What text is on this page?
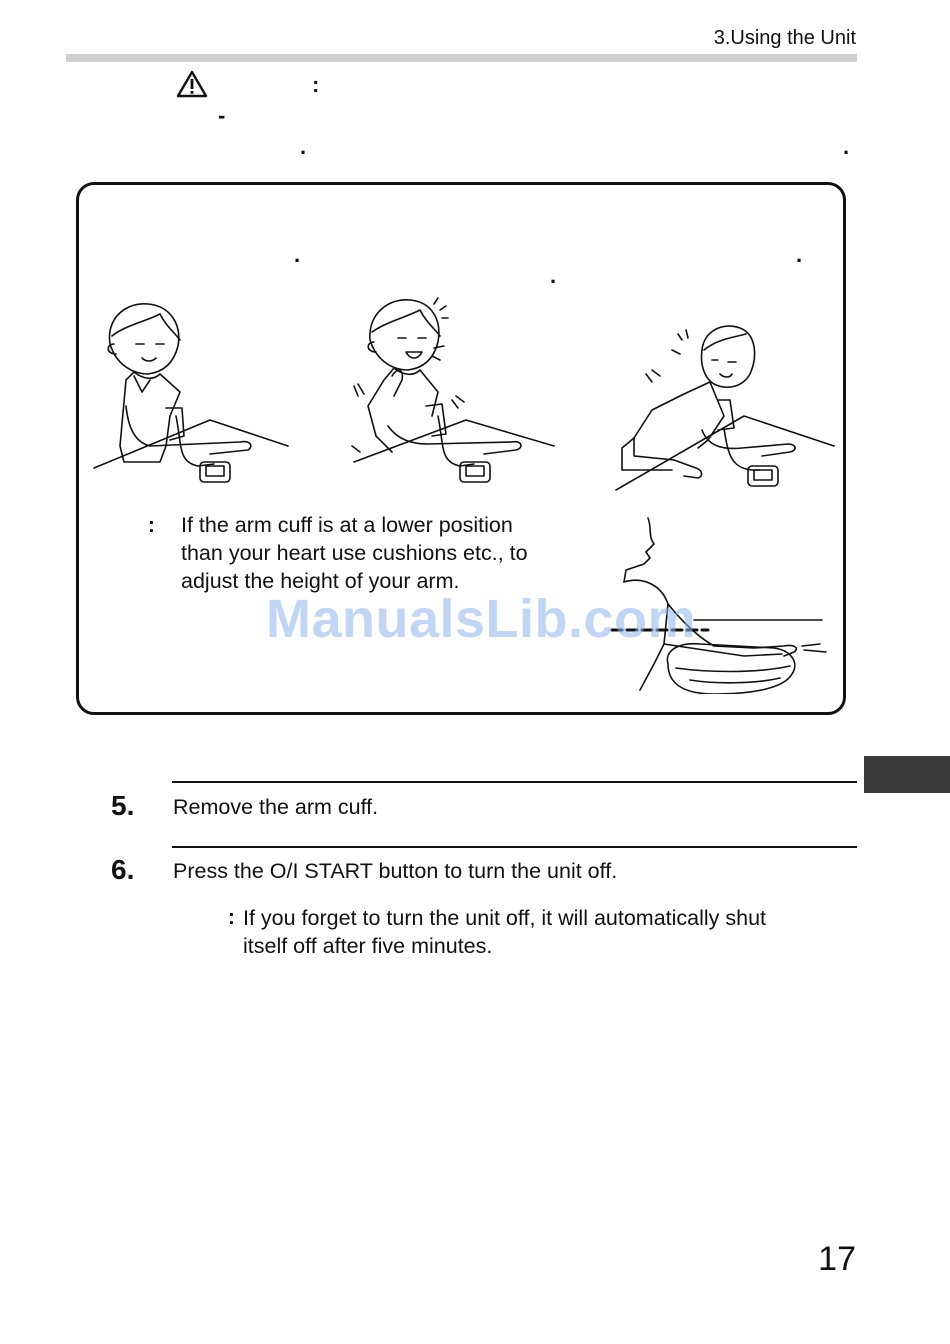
3.Using the Unit
:
-
.	.
.
.
.
: If the arm cuff is at a lower position
than your heart use cushions etc., to
adjust the height of your arm.
ManualsLib.com
5. Remove the arm cuff.
6. Press the O/I START button to turn the unit off.
: If you forget to turn the unit off, it will automatically shut
itself off after five minutes.
17
